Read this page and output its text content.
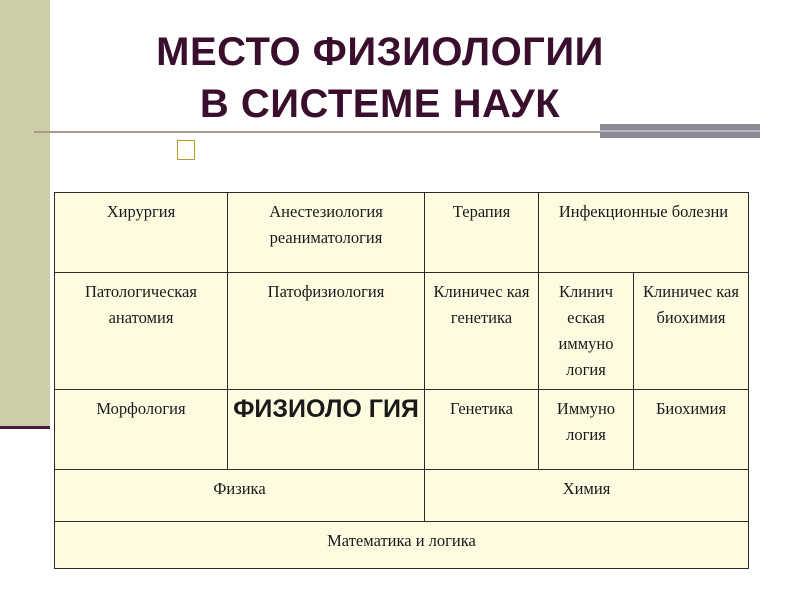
МЕСТО ФИЗИОЛОГИИ
В СИСТЕМЕ НАУК
Хирургия	Анестезиология реаниматология	Терапия	Инфекционные болезни	
Патологическая анатомия	Патофизиология	Клиничес кая генетика	Клинич еская иммуно логия	Клиничес кая биохимия
Морфология	ФИЗИОЛО ГИЯ	Генетика	Иммуно логия	Биохимия
Физика		Химия		
Математика и логика				
